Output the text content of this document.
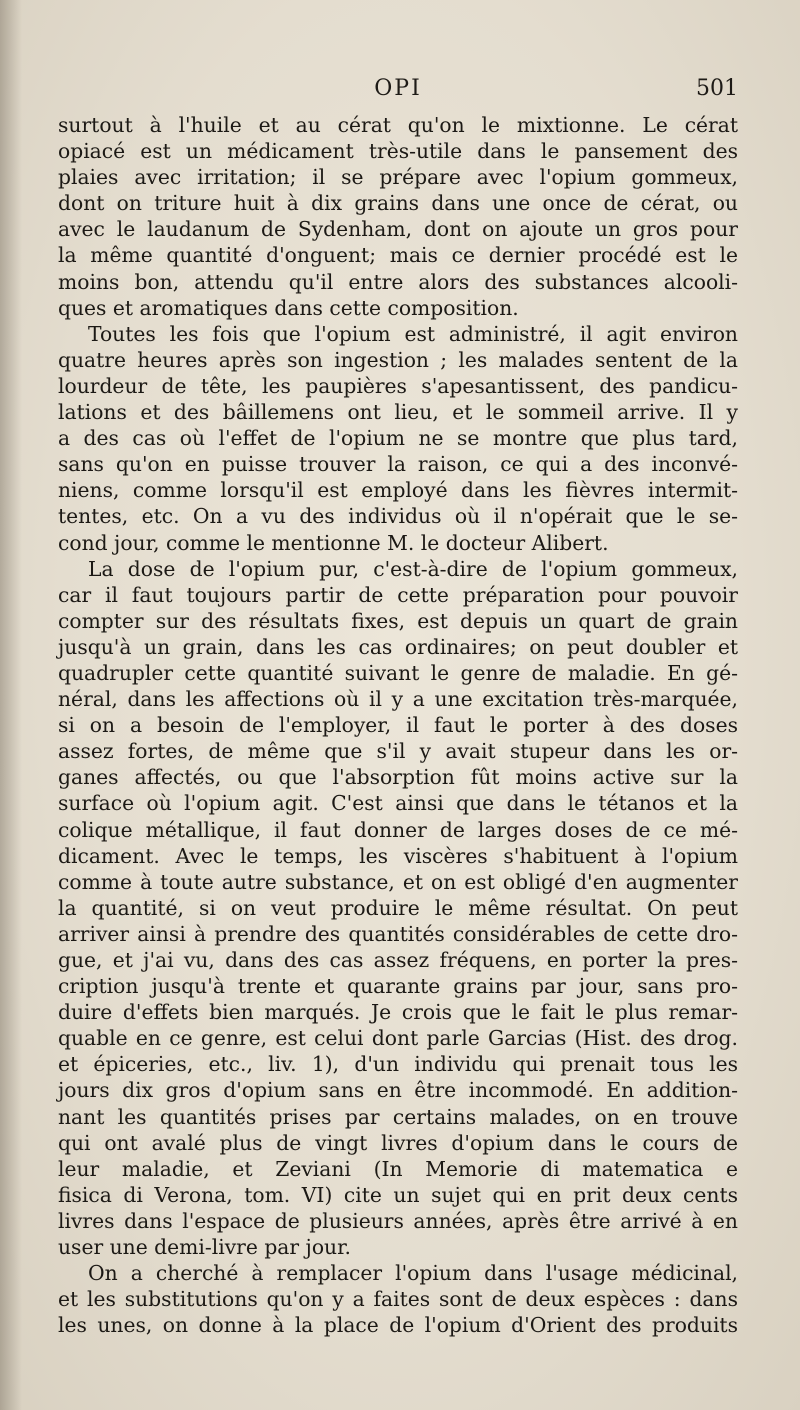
OPI	501
surtout à l'huile et au cérat qu'on le mixtionne. Le cérat
opiacé est un médicament très-utile dans le pansement des
plaies avec irritation; il se prépare avec l'opium gommeux,
dont on triture huit à dix grains dans une once de cérat, ou
avec le laudanum de Sydenham, dont on ajoute un gros pour
la même quantité d'onguent; mais ce dernier procédé est le
moins bon, attendu qu'il entre alors des substances alcooli-
ques et aromatiques dans cette composition.
Toutes les fois que l'opium est administré, il agit environ
quatre heures après son ingestion ; les malades sentent de la
lourdeur de tête, les paupières s'apesantissent, des pandicu-
lations et des bâillemens ont lieu, et le sommeil arrive. Il y
a des cas où l'effet de l'opium ne se montre que plus tard,
sans qu'on en puisse trouver la raison, ce qui a des inconvé-
niens, comme lorsqu'il est employé dans les fièvres intermit-
tentes, etc. On a vu des individus où il n'opérait que le se-
cond jour, comme le mentionne M. le docteur Alibert.
La dose de l'opium pur, c'est-à-dire de l'opium gommeux,
car il faut toujours partir de cette préparation pour pouvoir
compter sur des résultats fixes, est depuis un quart de grain
jusqu'à un grain, dans les cas ordinaires; on peut doubler et
quadrupler cette quantité suivant le genre de maladie. En gé-
néral, dans les affections où il y a une excitation très-marquée,
si on a besoin de l'employer, il faut le porter à des doses
assez fortes, de même que s'il y avait stupeur dans les or-
ganes affectés, ou que l'absorption fût moins active sur la
surface où l'opium agit. C'est ainsi que dans le tétanos et la
colique métallique, il faut donner de larges doses de ce mé-
dicament. Avec le temps, les viscères s'habituent à l'opium
comme à toute autre substance, et on est obligé d'en augmenter
la quantité, si on veut produire le même résultat. On peut
arriver ainsi à prendre des quantités considérables de cette dro-
gue, et j'ai vu, dans des cas assez fréquens, en porter la pres-
cription jusqu'à trente et quarante grains par jour, sans pro-
duire d'effets bien marqués. Je crois que le fait le plus remar-
quable en ce genre, est celui dont parle Garcias (Hist. des drog.
et épiceries, etc., liv. 1), d'un individu qui prenait tous les
jours dix gros d'opium sans en être incommodé. En addition-
nant les quantités prises par certains malades, on en trouve
qui ont avalé plus de vingt livres d'opium dans le cours de
leur maladie, et Zeviani (In Memorie di matematica e
fisica di Verona, tom. VI) cite un sujet qui en prit deux cents
livres dans l'espace de plusieurs années, après être arrivé à en
user une demi-livre par jour.
On a cherché à remplacer l'opium dans l'usage médicinal,
et les substitutions qu'on y a faites sont de deux espèces : dans
les unes, on donne à la place de l'opium d'Orient des produits
